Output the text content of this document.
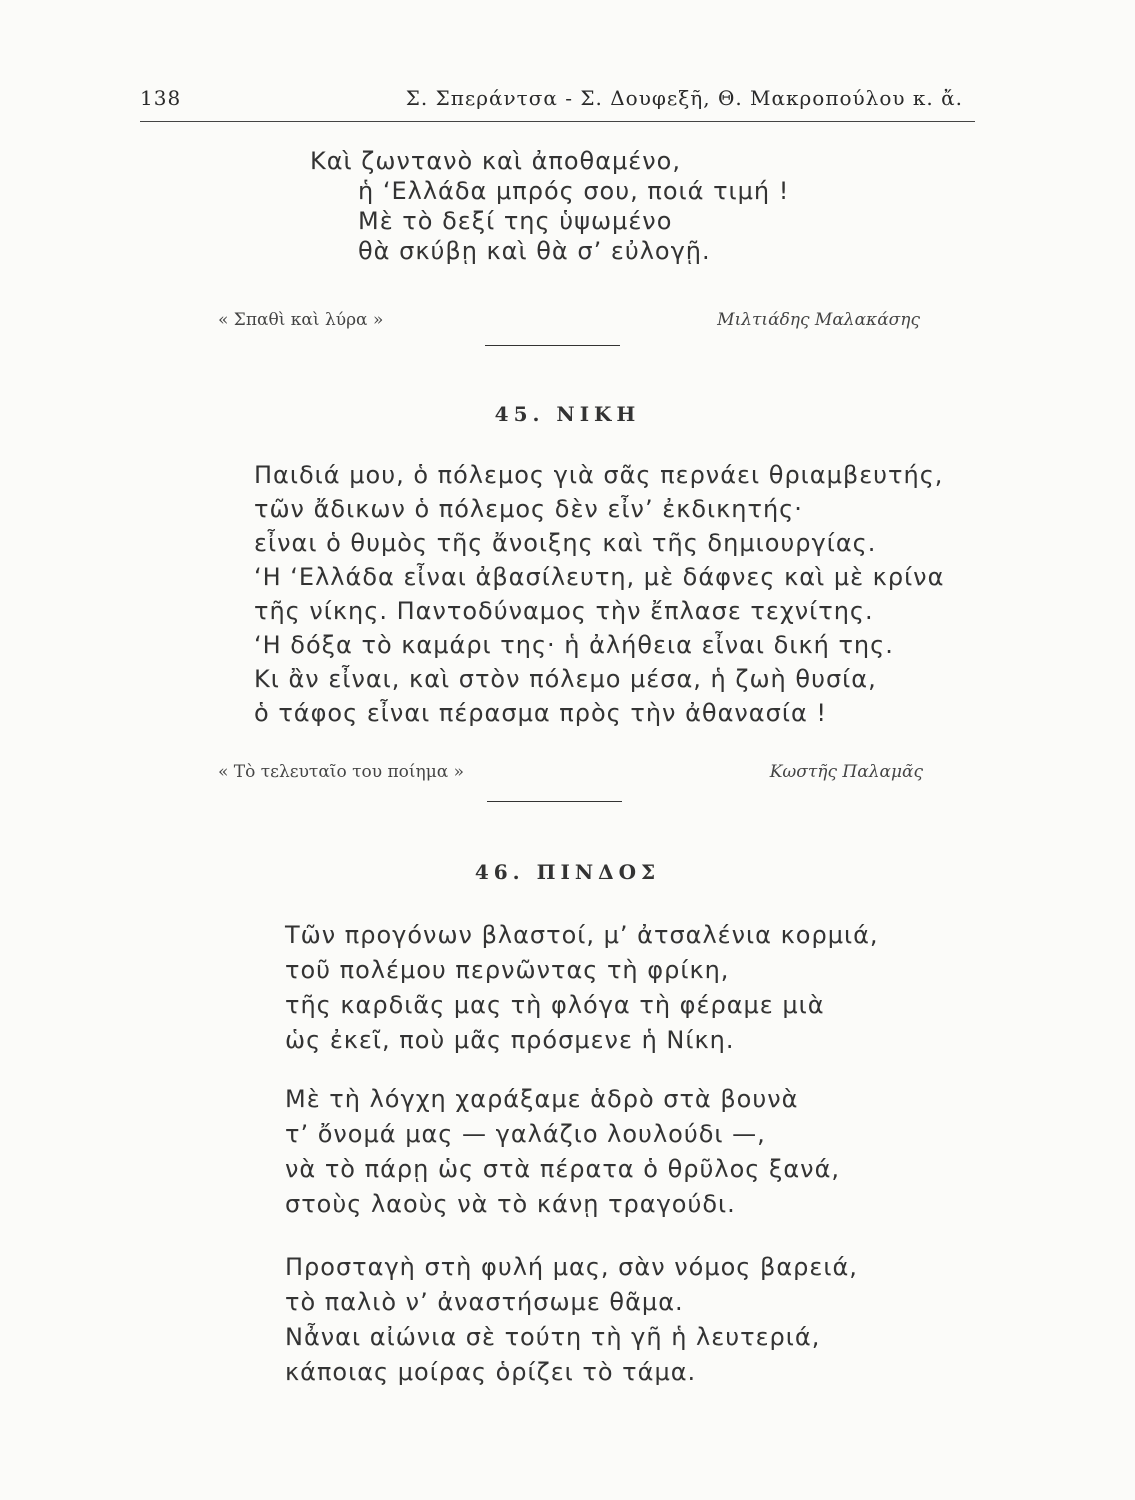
138	Σ. Σπεράντσα - Σ. Δουφεξῆ, Θ. Μακροπούλου κ. ἄ.
Καὶ ζωντανὸ καὶ ἀποθαμένο,
ἡ ‘Ελλάδα μπρός σου, ποιά τιμή !
Μὲ τὸ δεξί της ὑψωμένο
θὰ σκύβῃ καὶ θὰ σ’ εὐλογῇ.
« Σπαθὶ καὶ λύρα »	Μιλτιάδης Μαλακάσης
45. ΝΙΚΗ
Παιδιά μου, ὁ πόλεμος γιὰ σᾶς περνάει θριαμβευτής,
τῶν ἄδικων ὁ πόλεμος δὲν εἶν’ ἐκδικητής·
εἶναι ὁ θυμὸς τῆς ἄνοιξης καὶ τῆς δημιουργίας.
‘Η ‘Ελλάδα εἶναι ἀβασίλευτη, μὲ δάφνες καὶ μὲ κρίνα
τῆς νίκης. Παντοδύναμος τὴν ἔπλασε τεχνίτης.
‘Η δόξα τὸ καμάρι της· ἡ ἀλήθεια εἶναι δική της.
Κι ἂν εἶναι, καὶ στὸν πόλεμο μέσα, ἡ ζωὴ θυσία,
ὁ τάφος εἶναι πέρασμα πρὸς τὴν ἀθανασία !
« Τὸ τελευταῖο του ποίημα »	Κωστῆς Παλαμᾶς
46. ΠΙΝΔΟΣ
Τῶν προγόνων βλαστοί, μ’ ἀτσαλένια κορμιά,
τοῦ πολέμου περνῶντας τὴ φρίκη,
τῆς καρδιᾶς μας τὴ φλόγα τὴ φέραμε μιὰ
ὡς ἐκεῖ, ποὺ μᾶς πρόσμενε ἡ Νίκη.
Μὲ τὴ λόγχη χαράξαμε ἁδρὸ στὰ βουνὰ
τ’ ὄνομά μας — γαλάζιο λουλούδι —,
νὰ τὸ πάρῃ ὡς στὰ πέρατα ὁ θρῦλος ξανά,
στοὺς λαοὺς νὰ τὸ κάνῃ τραγούδι.
Προσταγὴ στὴ φυλή μας, σὰν νόμος βαρειά,
τὸ παλιὸ ν’ ἀναστήσωμε θᾶμα.
Νἆναι αἰώνια σὲ τούτη τὴ γῆ ἡ λευτεριά,
κάποιας μοίρας ὁρίζει τὸ τάμα.
